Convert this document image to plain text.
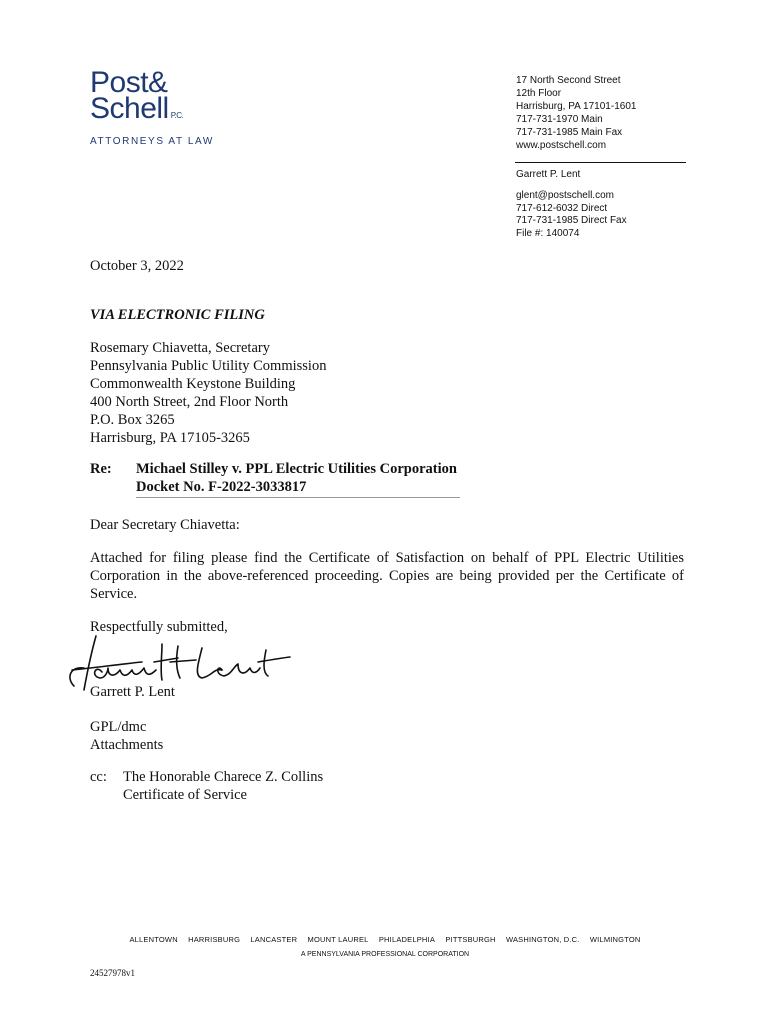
Post&
Schell P.C.
ATTORNEYS AT LAW
17 North Second Street
12th Floor
Harrisburg, PA 17101-1601
717-731-1970 Main
717-731-1985 Main Fax
www.postschell.com
Garrett P. Lent
glent@postschell.com
717-612-6032 Direct
717-731-1985 Direct Fax
File #: 140074
October 3, 2022
VIA ELECTRONIC FILING
Rosemary Chiavetta, Secretary
Pennsylvania Public Utility Commission
Commonwealth Keystone Building
400 North Street, 2nd Floor North
P.O. Box 3265
Harrisburg, PA 17105-3265
Re: Michael Stilley v. PPL Electric Utilities Corporation
Docket No. F-2022-3033817
Dear Secretary Chiavetta:
Attached for filing please find the Certificate of Satisfaction on behalf of PPL Electric Utilities Corporation in the above-referenced proceeding. Copies are being provided per the Certificate of Service.
Respectfully submitted,
Garrett P. Lent
GPL/dmc
Attachments
cc: The Honorable Charece Z. Collins
Certificate of Service
ALLENTOWN HARRISBURG LANCASTER MOUNT LAUREL PHILADELPHIA PITTSBURGH WASHINGTON, D.C. WILMINGTON
A PENNSYLVANIA PROFESSIONAL CORPORATION
24527978v1
